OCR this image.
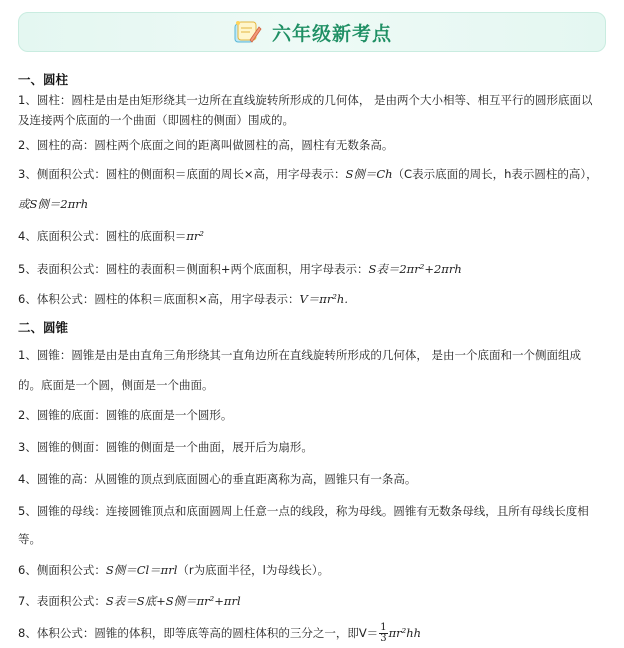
六年级新考点
一、圆柱
1、圆柱：圆柱是由是由矩形绕其一边所在直线旋转所形成的几何体， 是由两个大小相等、相互平行的圆形底面以
及连接两个底面的一个曲面（即圆柱的侧面）围成的。
2、圆柱的高：圆柱两个底面之间的距离叫做圆柱的高，圆柱有无数条高。
3、侧面积公式：圆柱的侧面积＝底面的周长×高，用字母表示：S侧＝Ch（C表示底面的周长，h表示圆柱的高），
或S侧＝2πrh
4、底面积公式：圆柱的底面积＝πr²
5、表面积公式：圆柱的表面积＝侧面积+两个底面积，用字母表示：S表＝2πr²+2πrh
6、体积公式：圆柱的体积＝底面积×高，用字母表示：V＝πr²h.
二、圆锥
1、圆锥：圆锥是由是由直角三角形绕其一直角边所在直线旋转所形成的几何体， 是由一个底面和一个侧面组成
的。底面是一个圆，侧面是一个曲面。
2、圆锥的底面：圆锥的底面是一个圆形。
3、圆锥的侧面：圆锥的侧面是一个曲面，展开后为扇形。
4、圆锥的高：从圆锥的顶点到底面圆心的垂直距离称为高，圆锥只有一条高。
5、圆锥的母线：连接圆锥顶点和底面圆周上任意一点的线段，称为母线。圆锥有无数条母线，且所有母线长度相
等。
6、侧面积公式：S侧＝Cl＝πrl（r为底面半径，l为母线长）。
7、表面积公式：S表＝S底+S侧＝πr²+πrl
8、体积公式：圆锥的体积，即等底等高的圆柱体积的三分之一，即$V= \frac{1}{3} \pi r^2hh$
